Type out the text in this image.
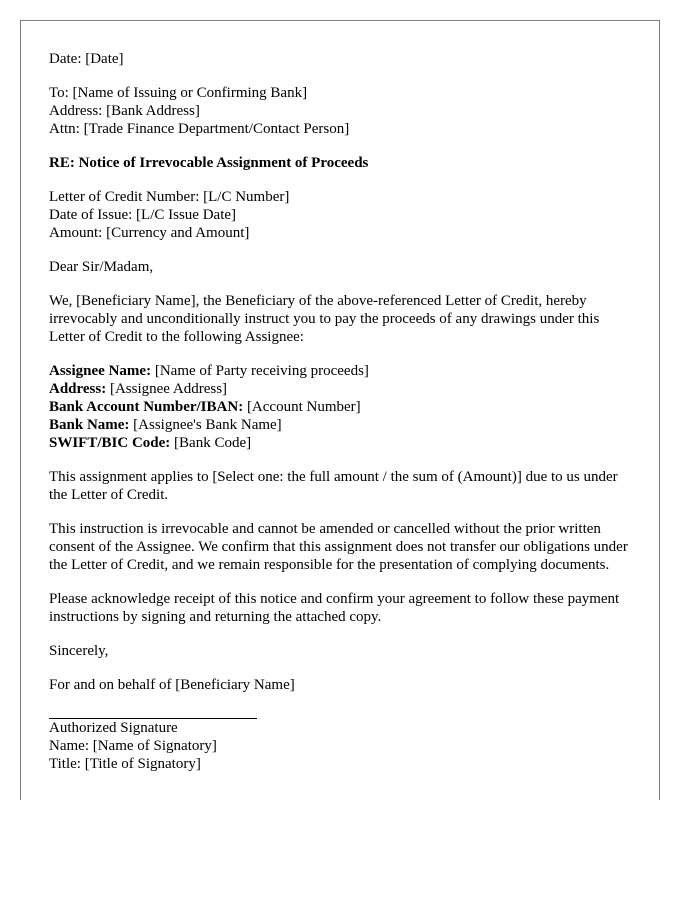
Date: [Date]
To: [Name of Issuing or Confirming Bank]
Address: [Bank Address]
Attn: [Trade Finance Department/Contact Person]
RE: Notice of Irrevocable Assignment of Proceeds
Letter of Credit Number: [L/C Number]
Date of Issue: [L/C Issue Date]
Amount: [Currency and Amount]
Dear Sir/Madam,

We, [Beneficiary Name], the Beneficiary of the above-referenced Letter of Credit, hereby irrevocably and unconditionally instruct you to pay the proceeds of any drawings under this Letter of Credit to the following Assignee:

Assignee Name: [Name of Party receiving proceeds]
Address: [Assignee Address]
Bank Account Number/IBAN: [Account Number]
Bank Name: [Assignee's Bank Name]
SWIFT/BIC Code: [Bank Code]

This assignment applies to [Select one: the full amount / the sum of (Amount)] due to us under the Letter of Credit.

This instruction is irrevocable and cannot be amended or cancelled without the prior written consent of the Assignee. We confirm that this assignment does not transfer our obligations under the Letter of Credit, and we remain responsible for the presentation of complying documents.

Please acknowledge receipt of this notice and confirm your agreement to follow these payment instructions by signing and returning the attached copy.

Sincerely,
For and on behalf of [Beneficiary Name]
Authorized Signature
Name: [Name of Signatory]
Title: [Title of Signatory]
